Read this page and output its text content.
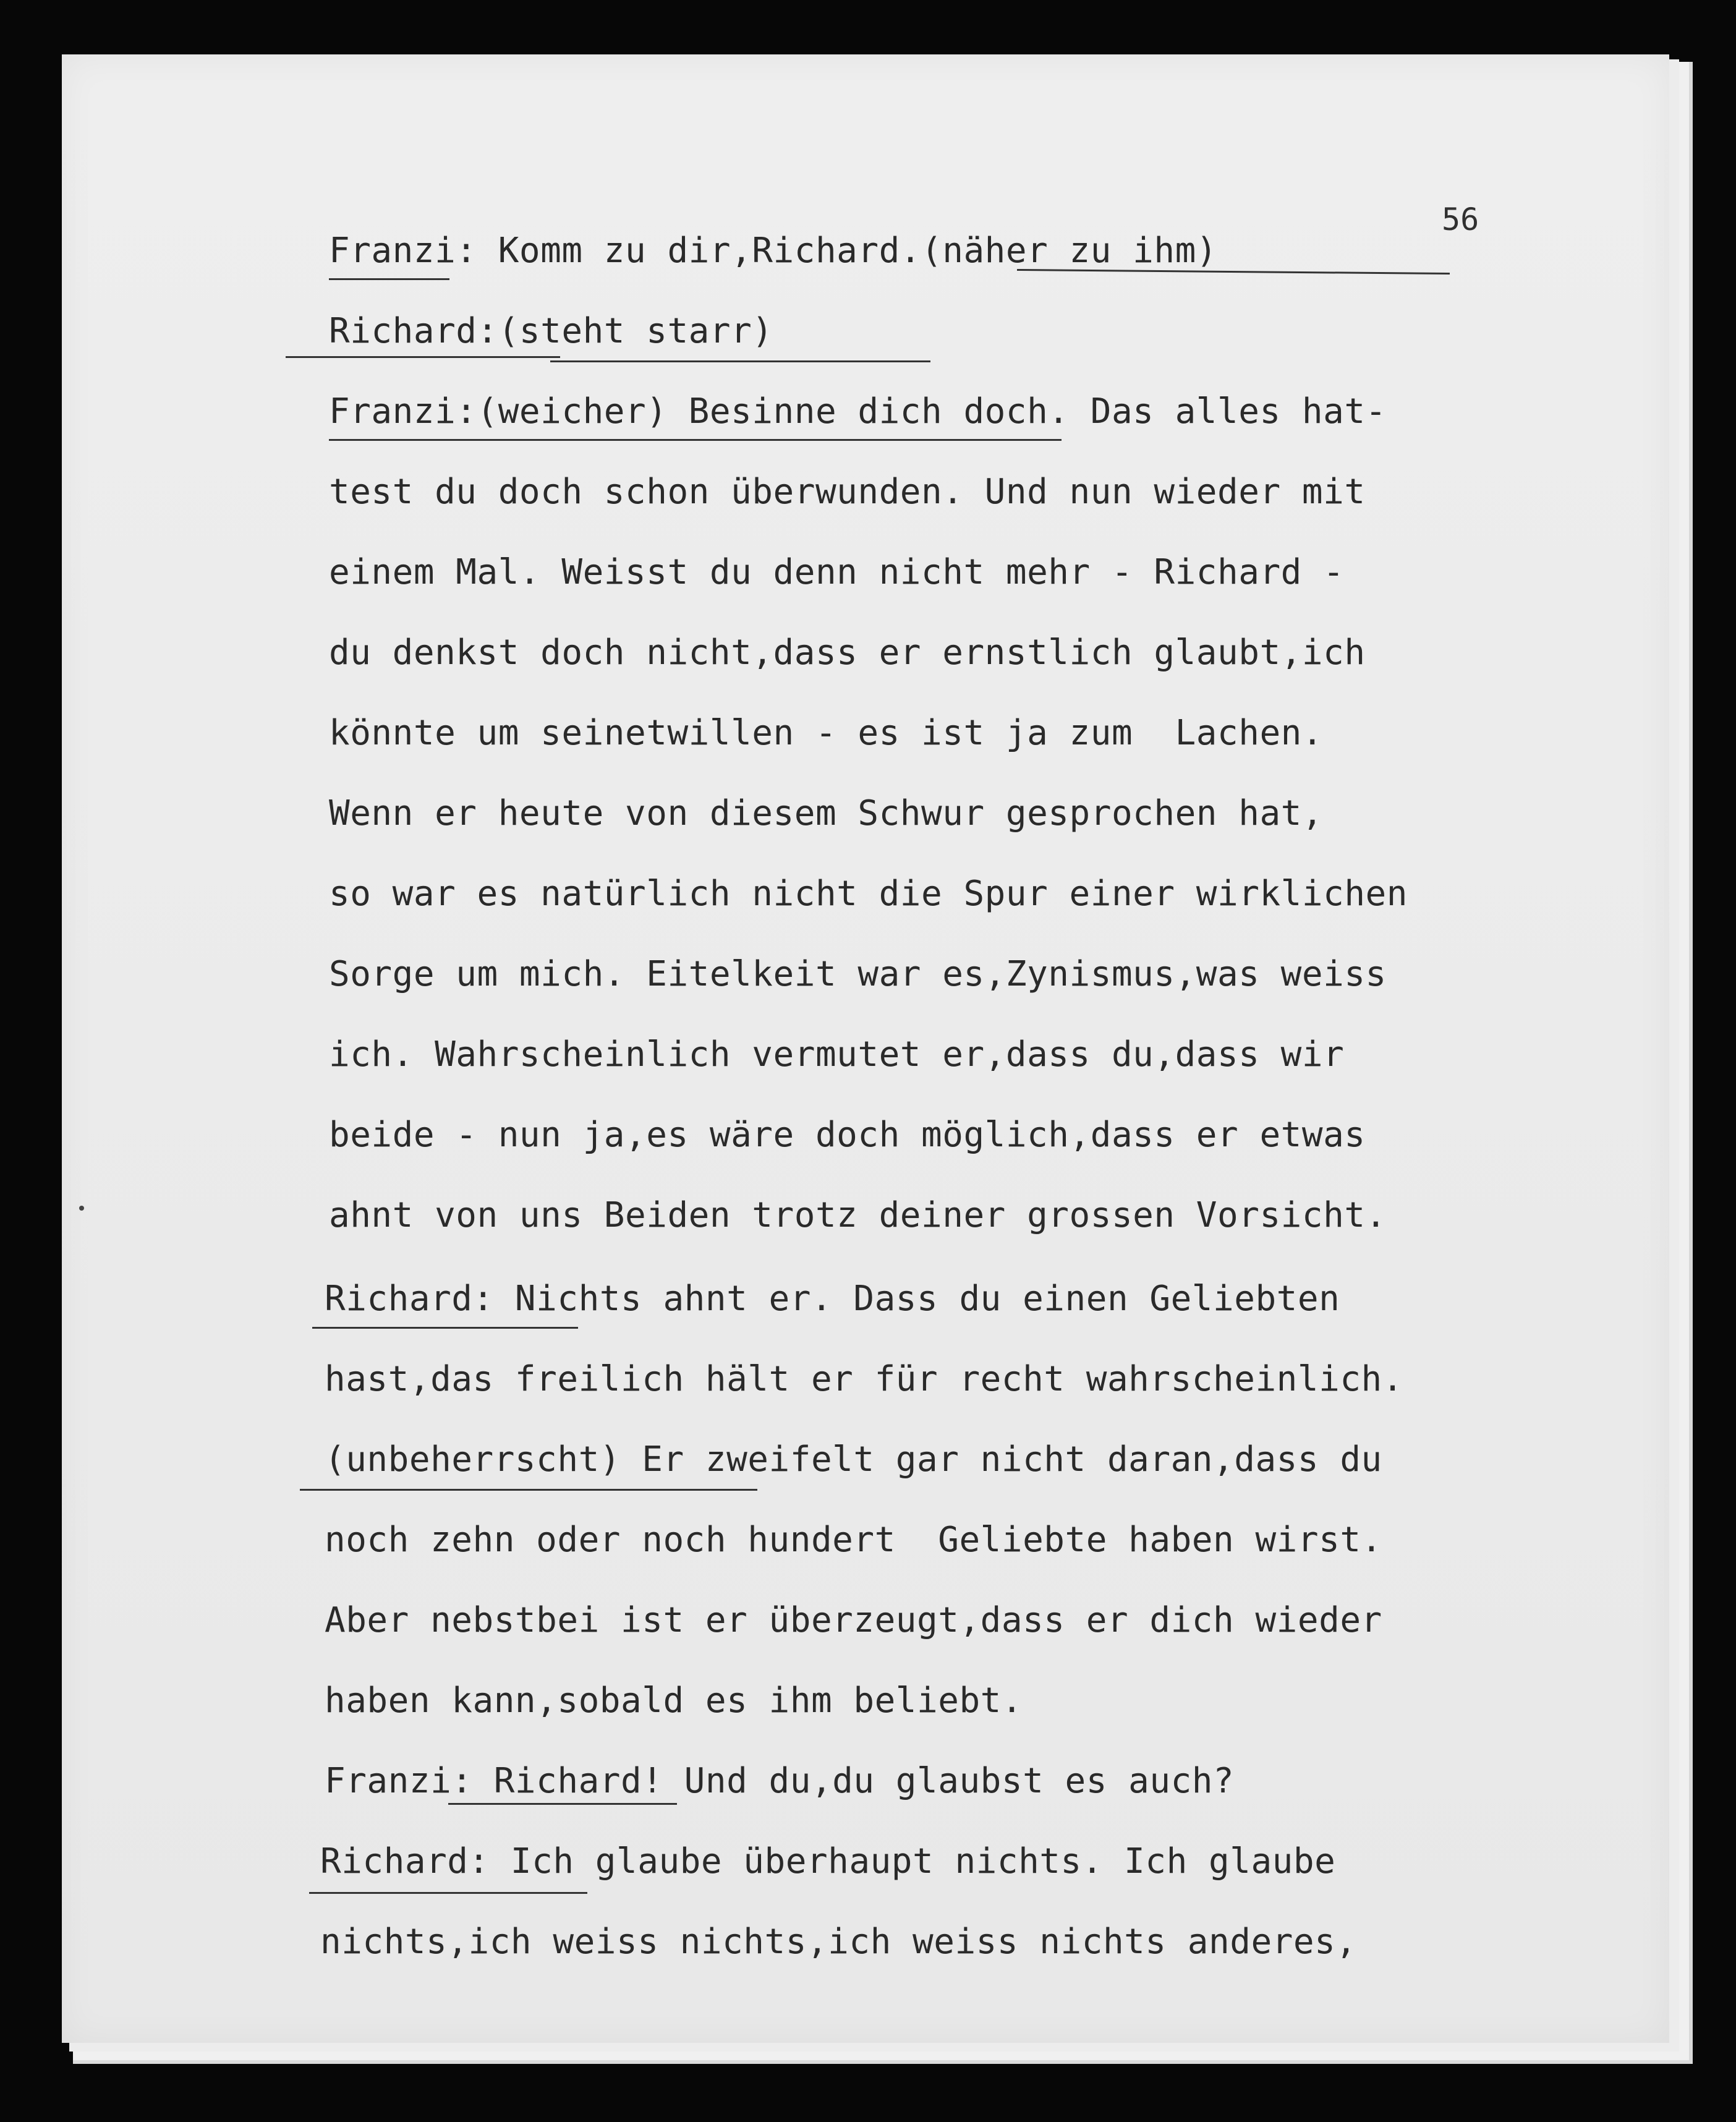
56
Franzi: Komm zu dir,Richard.(näher zu ihm)
Richard:(steht starr)
Franzi:(weicher) Besinne dich doch. Das alles hat-
test du doch schon überwunden. Und nun wieder mit
einem Mal. Weisst du denn nicht mehr - Richard -
du denkst doch nicht,dass er ernstlich glaubt,ich
könnte um seinetwillen - es ist ja zum  Lachen.
Wenn er heute von diesem Schwur gesprochen hat,
so war es natürlich nicht die Spur einer wirklichen
Sorge um mich. Eitelkeit war es,Zynismus,was weiss
ich. Wahrscheinlich vermutet er,dass du,dass wir
beide - nun ja,es wäre doch möglich,dass er etwas
ahnt von uns Beiden trotz deiner grossen Vorsicht.
Richard: Nichts ahnt er. Dass du einen Geliebten
hast,das freilich hält er für recht wahrscheinlich.
(unbeherrscht) Er zweifelt gar nicht daran,dass du
noch zehn oder noch hundert  Geliebte haben wirst.
Aber nebstbei ist er überzeugt,dass er dich wieder
haben kann,sobald es ihm beliebt.
Franzi: Richard! Und du,du glaubst es auch?
Richard: Ich glaube überhaupt nichts. Ich glaube
nichts,ich weiss nichts,ich weiss nichts anderes,
